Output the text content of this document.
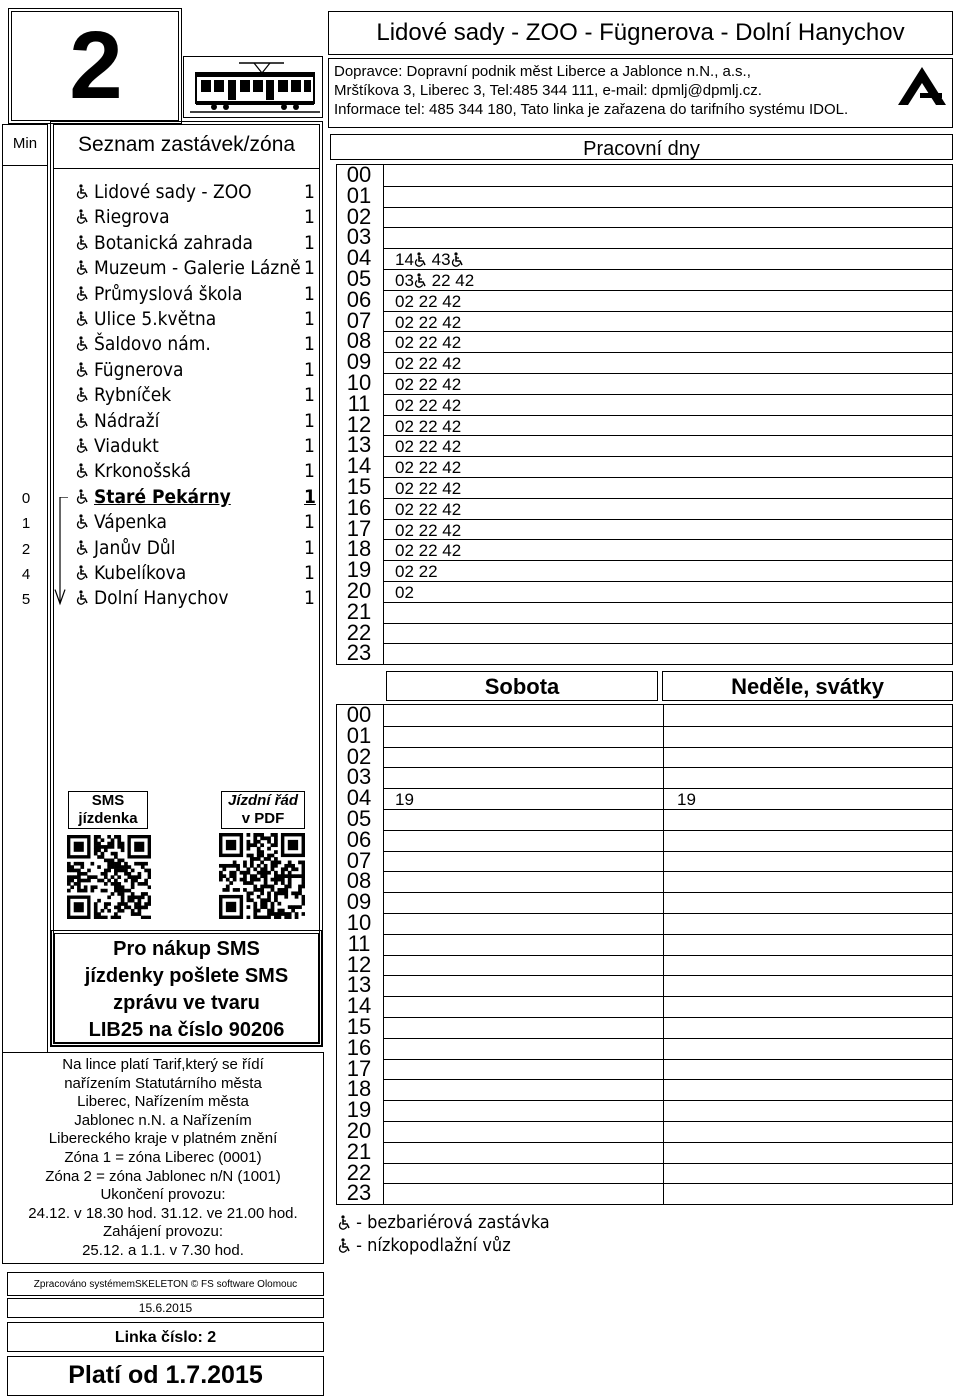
2	Lidové sady - ZOO - Fügnerova - Dolní Hanychov
Dopravce: Dopravní podnik měst Liberce a Jablonce n.N., a.s.,
Mrštíkova 3, Liberec 3, Tel:485 344 111, e-mail: dpmlj@dpmlj.cz.
Informace tel: 485 344 180, Tato linka je zařazena do tarifního systému IDOL.
Min
0
1
2
4
5
Seznam zastávek/zóna
Lidové sady - ZOO	1
Riegrova	1
Botanická zahrada	1
Muzeum - Galerie Lázně 1
Průmyslová škola	1
Ulice 5.května	1
Šaldovo nám.	1
Fügnerova	1
Rybníček	1
Nádraží	1
Viadukt	1
Krkonošská	1
Staré Pekárny	1
Vápenka	1
Janův Důl	1
Kubelíkova	1
Dolní Hanychov	1
SMS
jízdenka
Jízdní řád
v PDF
Pro nákup SMS
jízdenky pošlete SMS
zprávu ve tvaru
LIB25 na číslo 90206
Na lince platí Tarif,který se řídí
nařízením Statutárního města
Liberec, Nařízením města
Jablonec n.N. a Nařízením
Libereckého kraje v platném znění
Zóna 1 = zóna Liberec (0001)
Zóna 2 = zóna Jablonec n/N (1001)
Ukončení provozu:
24.12. v 18.30 hod. 31.12. ve 21.00 hod.
Zahájení provozu:
25.12. a 1.1. v 7.30 hod.
Zpracováno systémemSKELETON © FS software Olomouc
15.6.2015
Linka číslo: 2
Platí od 1.7.2015
Pracovní dny
00
01
02
03
04	14 43
05	03 22 42
06	02 22 42
07	02 22 42
08	02 22 42
09	02 22 42
10	02 22 42
11	02 22 42
12	02 22 42
13	02 22 42
14	02 22 42
15	02 22 42
16	02 22 42
17	02 22 42
18	02 22 42
19	02 22
20	02
21
22
23
Sobota	Neděle, svátky
00
01
02
03
04	19	19
05
06
07
08
09
10
11
12
13
14
15
16
17
18
19
20
21
22
23
- bezbariérová zastávka
- nízkopodlažní vůz
